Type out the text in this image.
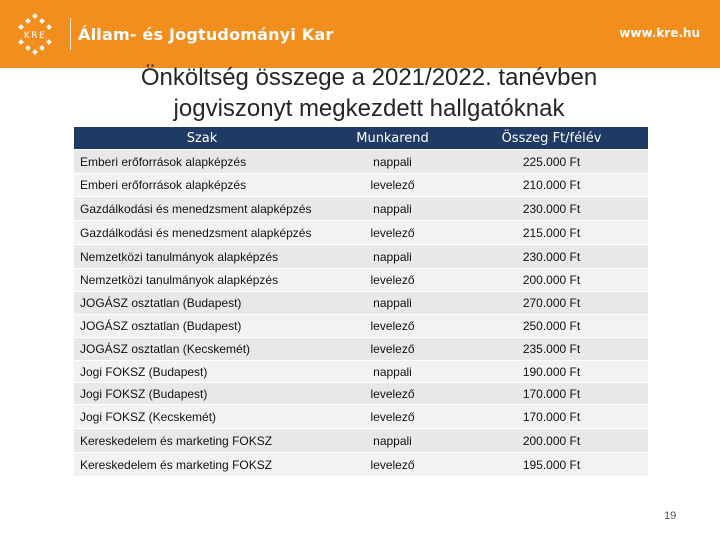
KRE Állam- és Jogtudományi Kar	www.kre.hu
Önköltség összege a 2021/2022. tanévben
jogviszonyt megkezdett hallgatóknak
Szak	Munkarend	Összeg Ft/félév
Emberi erőforrások alapképzés	nappali	225.000 Ft
Emberi erőforrások alapképzés	levelező	210.000 Ft
Gazdálkodási és menedzsment alapképzés	nappali	230.000 Ft
Gazdálkodási és menedzsment alapképzés	levelező	215.000 Ft
Nemzetközi tanulmányok alapképzés	nappali	230.000 Ft
Nemzetközi tanulmányok alapképzés	levelező	200.000 Ft
JOGÁSZ osztatlan (Budapest)	nappali	270.000 Ft
JOGÁSZ osztatlan (Budapest)	levelező	250.000 Ft
JOGÁSZ osztatlan (Kecskemét)	levelező	235.000 Ft
Jogi FOKSZ (Budapest)	nappali	190.000 Ft
Jogi FOKSZ (Budapest)	levelező	170.000 Ft
Jogi FOKSZ (Kecskemét)	levelező	170.000 Ft
Kereskedelem és marketing FOKSZ	nappali	200.000 Ft
Kereskedelem és marketing FOKSZ	levelező	195.000 Ft
19
